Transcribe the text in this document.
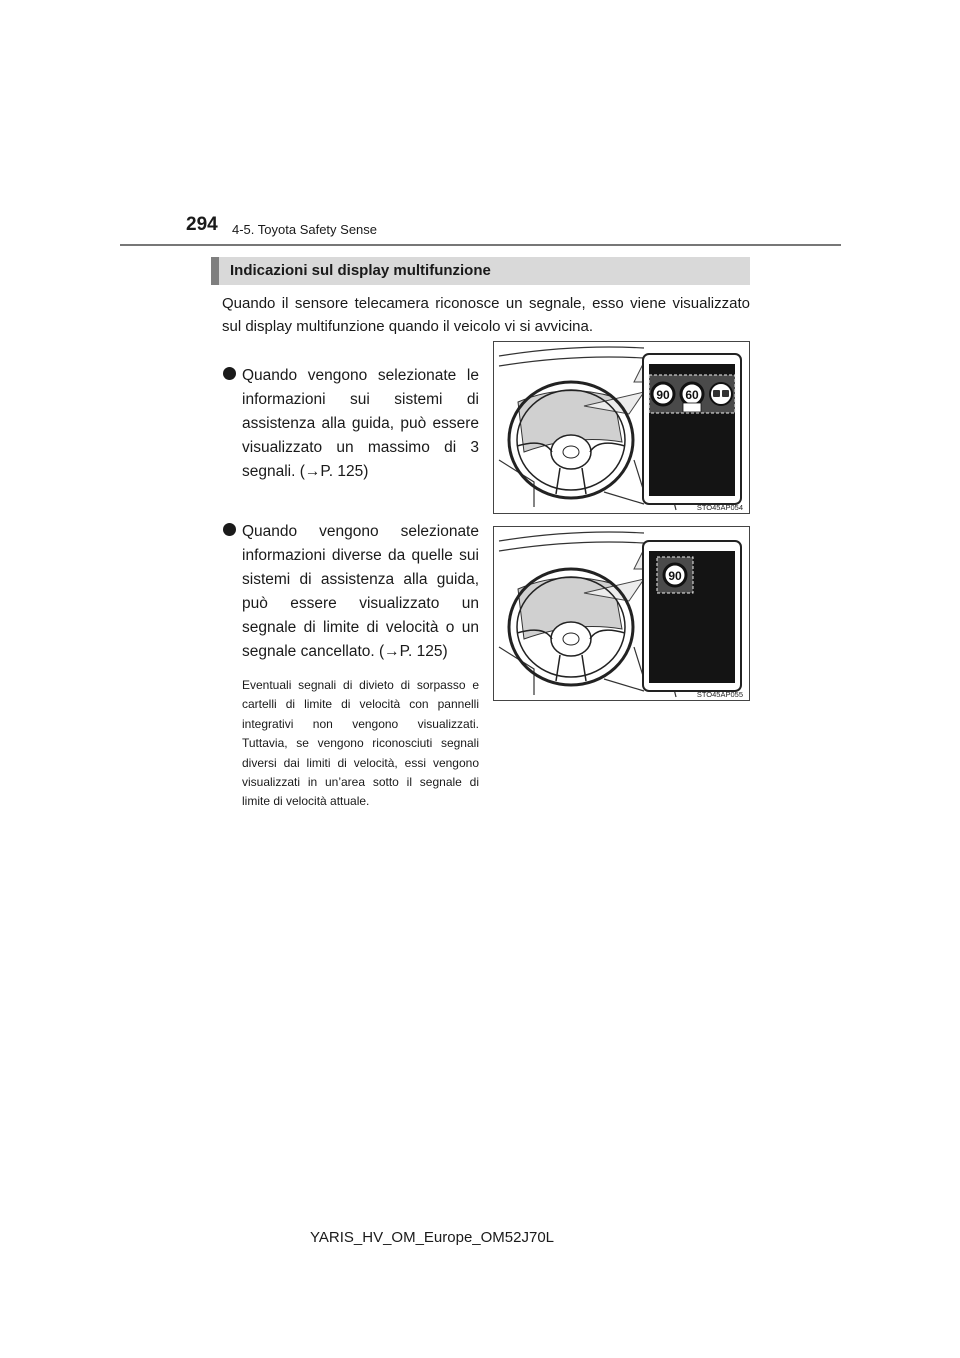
294 4-5. Toyota Safety Sense
Indicazioni sul display multifunzione

Quando il sensore telecamera riconosce un segnale, esso viene visualizzato sul display multifunzione quando il veicolo vi si avvicina.

Quando vengono selezionate le informazioni sui sistemi di assistenza alla guida, può essere visualizzato un massimo di 3 segnali. (→P. 125)
Quando vengono selezionate informazioni diverse da quelle sui sistemi di assistenza alla guida, può essere visualizzato un segnale di limite di velocità o un segnale cancellato. (→P. 125)
Eventuali segnali di divieto di sorpasso e cartelli di limite di velocità con pannelli integrativi non vengono visualizzati. Tuttavia, se vengono riconosciuti segnali diversi dai limiti di velocità, essi vengono visualizzati in un’area sotto il segnale di limite di velocità attuale.
90 60
STO45AP054
90
STO45AP055
YARIS_HV_OM_Europe_OM52J70L
